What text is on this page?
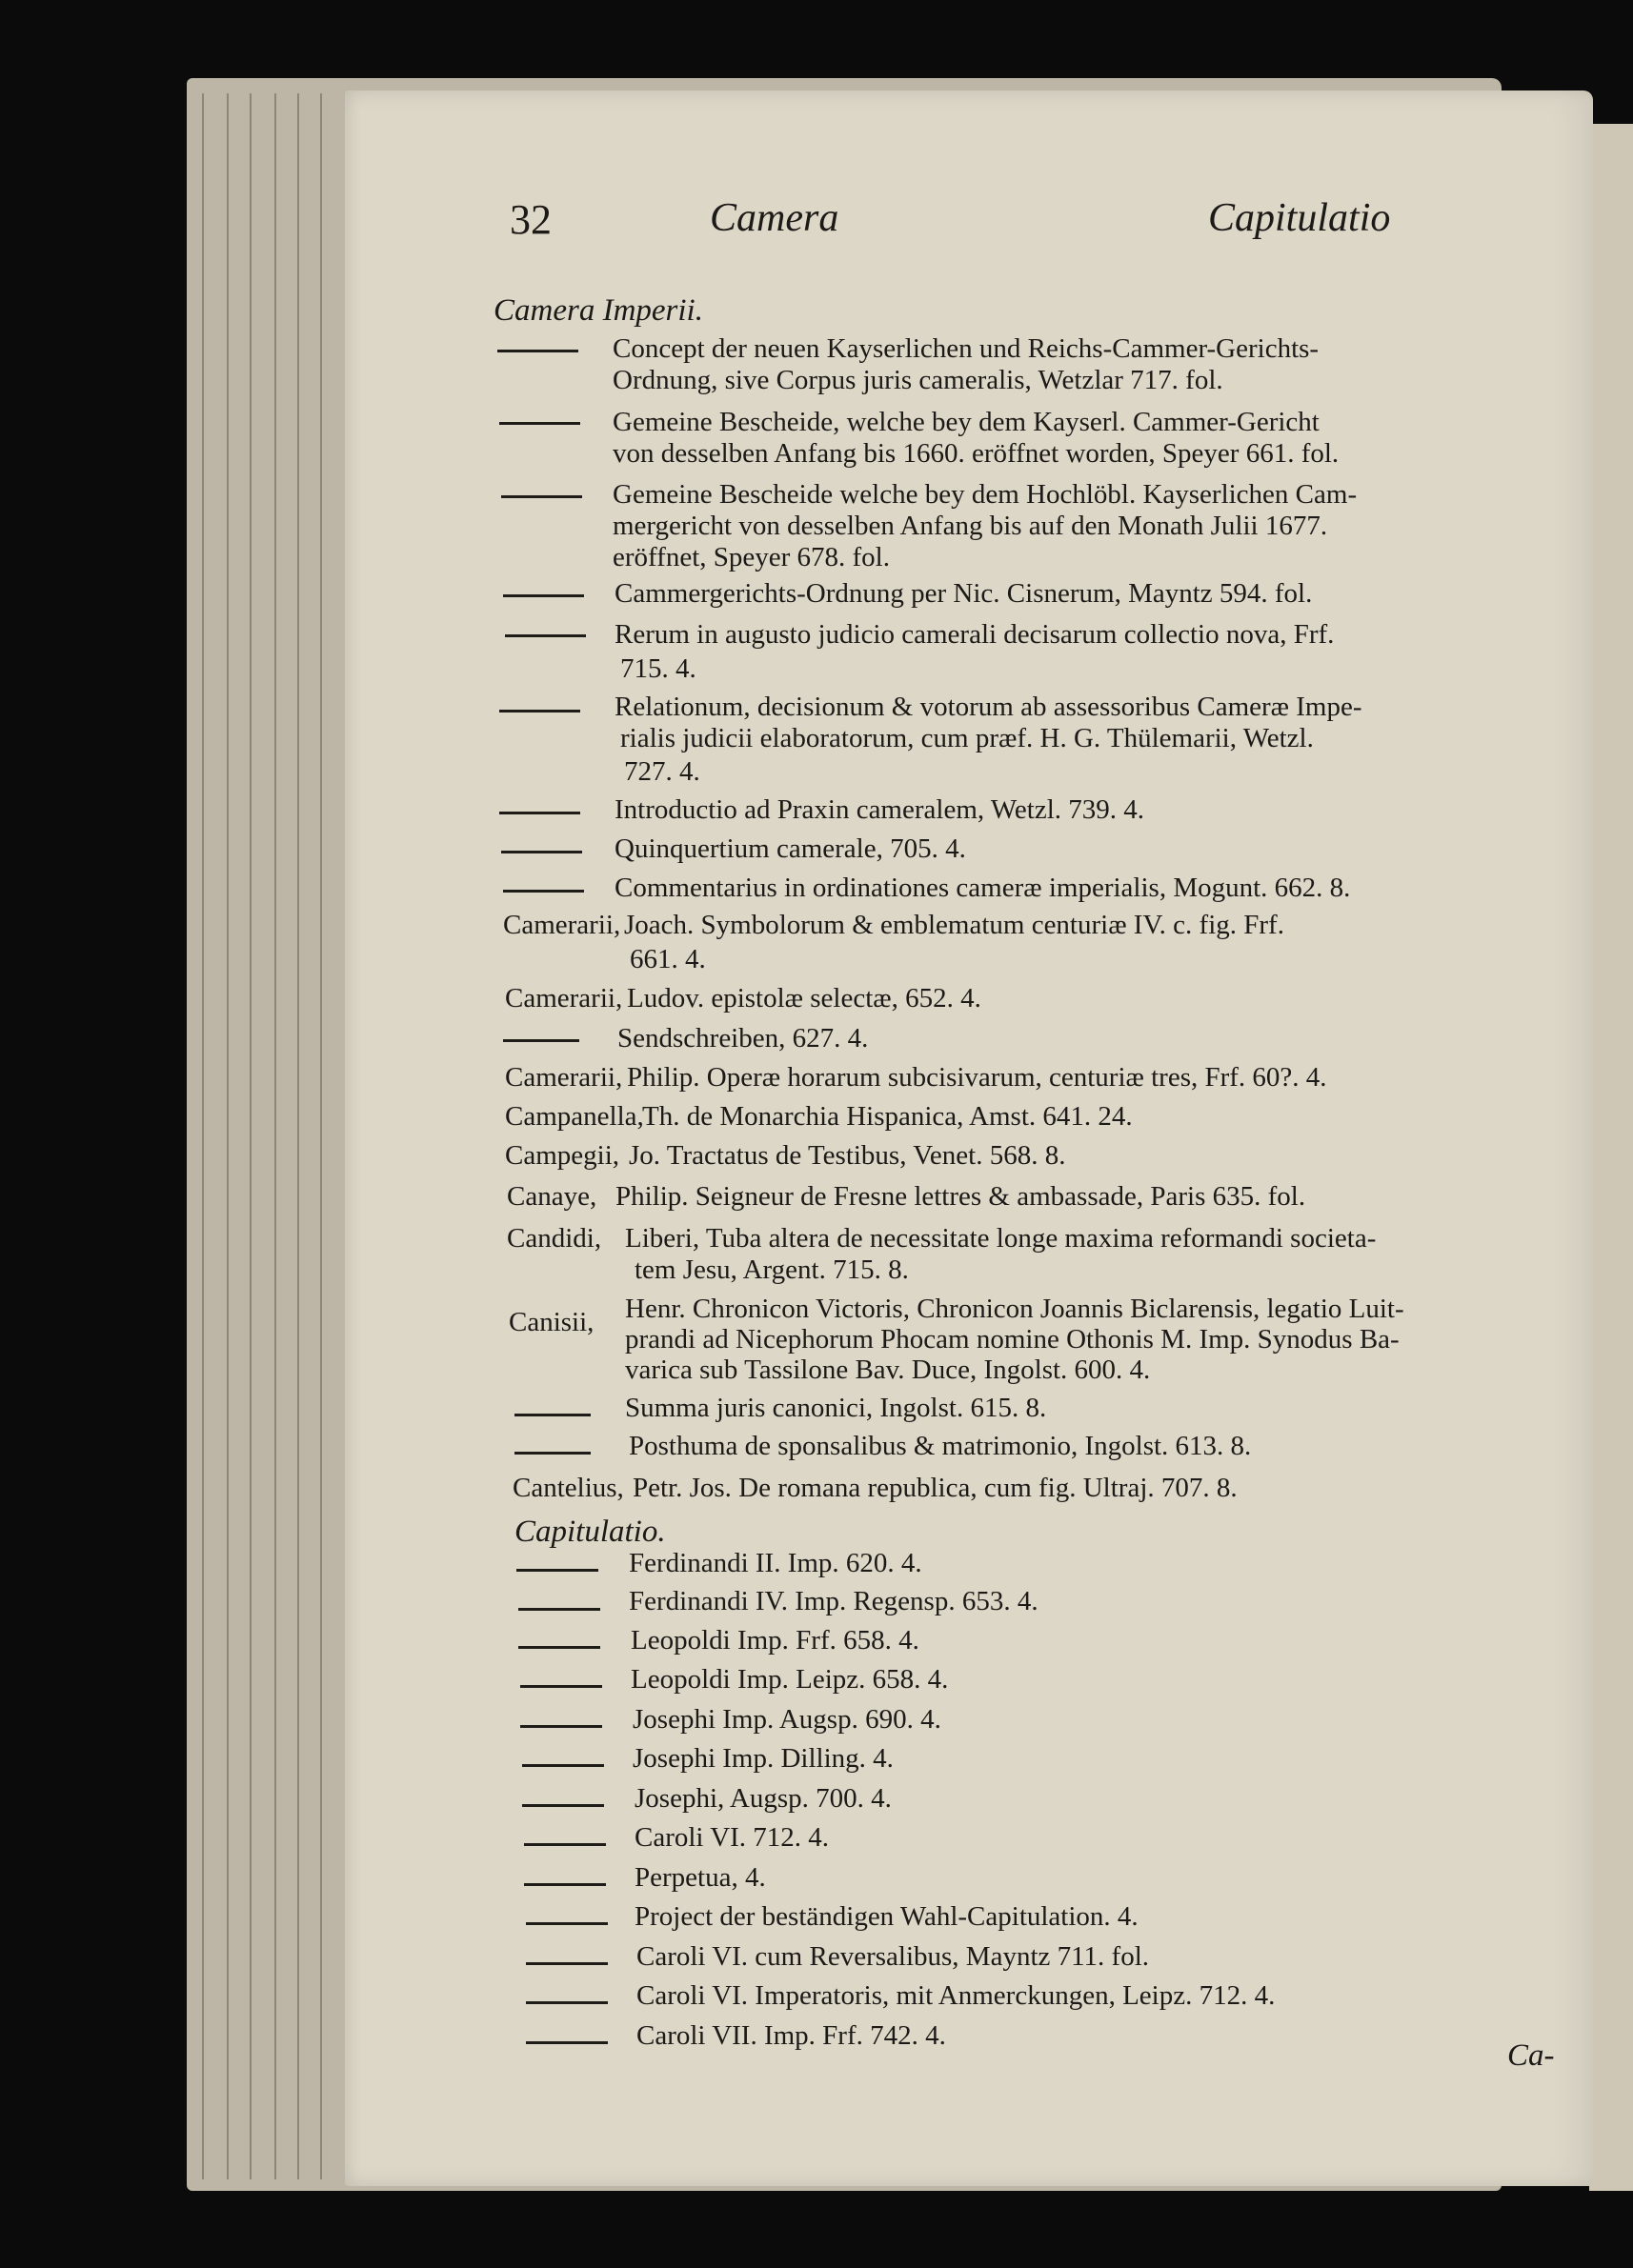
32	Camera	Capitulatio
Camera Imperii.
Concept der neuen Kayserlichen und Reichs-Cammer-Gerichts-
Ordnung, sive Corpus juris cameralis, Wetzlar 717. fol.
Gemeine Bescheide, welche bey dem Kayserl. Cammer-Gericht
von desselben Anfang bis 1660. eröffnet worden, Speyer 661. fol.
Gemeine Bescheide welche bey dem Hochlöbl. Kayserlichen Cam-
mergericht von desselben Anfang bis auf den Monath Julii 1677.
eröffnet, Speyer 678. fol.
Cammergerichts-Ordnung per Nic. Cisnerum, Mayntz 594. fol.
Rerum in augusto judicio camerali decisarum collectio nova, Frf.
715. 4.
Relationum, decisionum & votorum ab assessoribus Cameræ Impe-
rialis judicii elaboratorum, cum præf. H. G. Thülemarii, Wetzl.
727. 4.
Introductio ad Praxin cameralem, Wetzl. 739. 4.
Quinquertium camerale, 705. 4.
Commentarius in ordinationes cameræ imperialis, Mogunt. 662. 8.
Camerarii, Joach. Symbolorum & emblematum centuriæ IV. c. fig. Frf.
661. 4.
Camerarii, Ludov. epistolæ selectæ, 652. 4.
Sendschreiben, 627. 4.
Camerarii, Philip. Operæ horarum subcisivarum, centuriæ tres, Frf. 60?. 4.
Campanella,
Th. de Monarchia Hispanica, Amst. 641. 24.
Campegii, Jo. Tractatus de Testibus, Venet. 568. 8.
Canaye, Philip. Seigneur de Fresne lettres & ambassade, Paris 635. fol.
Candidi, Liberi, Tuba altera de necessitate longe maxima reformandi societa-
tem Jesu, Argent. 715. 8.
Canisii, Henr. Chronicon Victoris, Chronicon Joannis Biclarensis, legatio Luit-
prandi ad Nicephorum Phocam nomine Othonis M. Imp. Synodus Ba-
varica sub Tassilone Bav. Duce, Ingolst. 600. 4.
Summa juris canonici, Ingolst. 615. 8.
Posthuma de sponsalibus & matrimonio, Ingolst. 613. 8.
Cantelius, Petr. Jos. De romana republica, cum fig. Ultraj. 707. 8.
Capitulatio.
Ferdinandi II. Imp. 620. 4.
Ferdinandi IV. Imp. Regensp. 653. 4.
Leopoldi Imp. Frf. 658. 4.
Leopoldi Imp. Leipz. 658. 4.
Josephi Imp. Augsp. 690. 4.
Josephi Imp. Dilling. 4.
Josephi, Augsp. 700. 4.
Caroli VI. 712. 4.
Perpetua, 4.
Project der beständigen Wahl-Capitulation. 4.
Caroli VI. cum Reversalibus, Mayntz 711. fol.
Caroli VI. Imperatoris, mit Anmerckungen, Leipz. 712. 4.
Caroli VII. Imp. Frf. 742. 4.
Ca-
